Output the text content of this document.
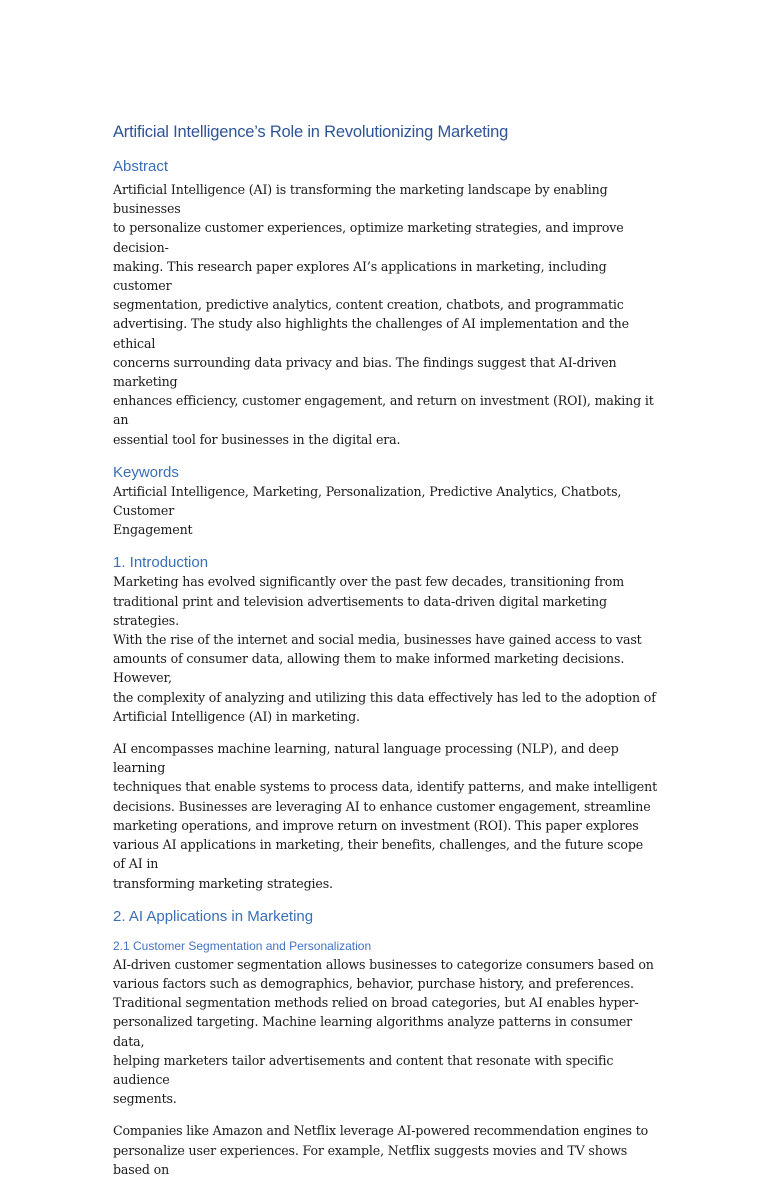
Artificial Intelligence’s Role in Revolutionizing Marketing
Abstract

Artificial Intelligence (AI) is transforming the marketing landscape by enabling businesses
to personalize customer experiences, optimize marketing strategies, and improve decision-
making. This research paper explores AI’s applications in marketing, including customer
segmentation, predictive analytics, content creation, chatbots, and programmatic
advertising. The study also highlights the challenges of AI implementation and the ethical
concerns surrounding data privacy and bias. The findings suggest that AI-driven marketing
enhances efficiency, customer engagement, and return on investment (ROI), making it an
essential tool for businesses in the digital era.

Keywords

Artificial Intelligence, Marketing, Personalization, Predictive Analytics, Chatbots, Customer
Engagement

1. Introduction

Marketing has evolved significantly over the past few decades, transitioning from
traditional print and television advertisements to data-driven digital marketing strategies.
With the rise of the internet and social media, businesses have gained access to vast
amounts of consumer data, allowing them to make informed marketing decisions. However,
the complexity of analyzing and utilizing this data effectively has led to the adoption of
Artificial Intelligence (AI) in marketing.

AI encompasses machine learning, natural language processing (NLP), and deep learning
techniques that enable systems to process data, identify patterns, and make intelligent
decisions. Businesses are leveraging AI to enhance customer engagement, streamline
marketing operations, and improve return on investment (ROI). This paper explores
various AI applications in marketing, their benefits, challenges, and the future scope of AI in
transforming marketing strategies.

2. AI Applications in Marketing
2.1 Customer Segmentation and Personalization

AI-driven customer segmentation allows businesses to categorize consumers based on
various factors such as demographics, behavior, purchase history, and preferences.
Traditional segmentation methods relied on broad categories, but AI enables hyper-
personalized targeting. Machine learning algorithms analyze patterns in consumer data,
helping marketers tailor advertisements and content that resonate with specific audience
segments.

Companies like Amazon and Netflix leverage AI-powered recommendation engines to
personalize user experiences. For example, Netflix suggests movies and TV shows based on
